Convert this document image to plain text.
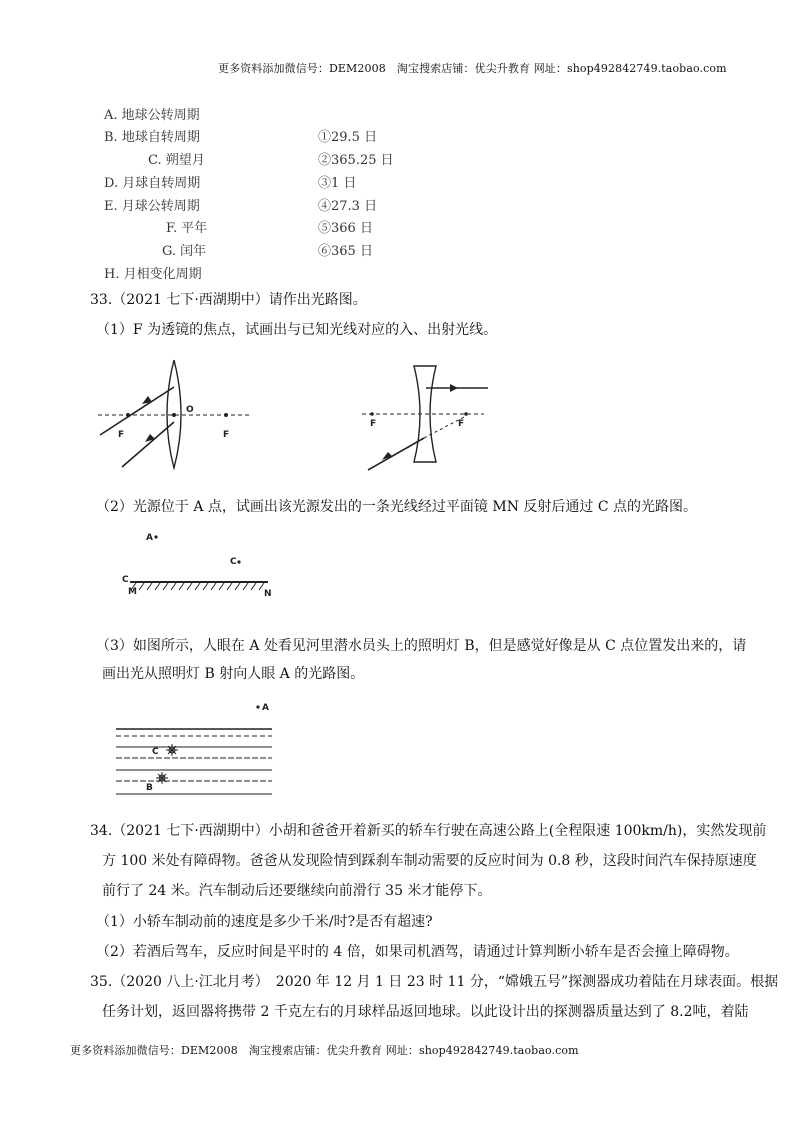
更多资料添加微信号：DEM2008　淘宝搜索店铺：优尖升教育 网址：shop492842749.taobao.com
A. 地球公转周期
B. 地球自转周期
C. 朔望月
D. 月球自转周期
E. 月球公转周期
F. 平年
G. 闰年
H. 月相变化周期
①29.5 日
②365.25 日
③1 日
④27.3 日
⑤366 日
⑥365 日
33.（2021 七下·西湖期中）请作出光路图。
（1）F 为透镜的焦点，试画出与已知光线对应的入、出射光线。
F
O
F
F	F
（2）光源位于 A 点，试画出该光源发出的一条光线经过平面镜 MN 反射后通过 C 点的光路图。
A
C
C
M	N
（3）如图所示，人眼在 A 处看见河里潜水员头上的照明灯 B，但是感觉好像是从 C 点位置发出来的，请
画出光从照明灯 B 射向人眼 A 的光路图。
A
C
B
34.（2021 七下·西湖期中）小胡和爸爸开着新买的轿车行驶在高速公路上(全程限速 100km/h)，实然发现前
方 100 米处有障碍物。爸爸从发现险情到踩刹车制动需要的反应时间为 0.8 秒，这段时间汽车保持原速度
前行了 24 米。汽车制动后还要继续向前滑行 35 米才能停下。
（1）小轿车制动前的速度是多少千米/时?是否有超速?
（2）若酒后驾车，反应时间是平时的 4 倍，如果司机酒驾，请通过计算判断小轿车是否会撞上障碍物。
35.（2020 八上·江北月考）　2020 年 12 月 1 日 23 时 11 分，“嫦娥五号”探测器成功着陆在月球表面。根据
任务计划，返回器将携带 2 千克左右的月球样品返回地球。以此设计出的探测器质量达到了 8.2吨，着陆
更多资料添加微信号：DEM2008　淘宝搜索店铺：优尖升教育 网址：shop492842749.taobao.com
